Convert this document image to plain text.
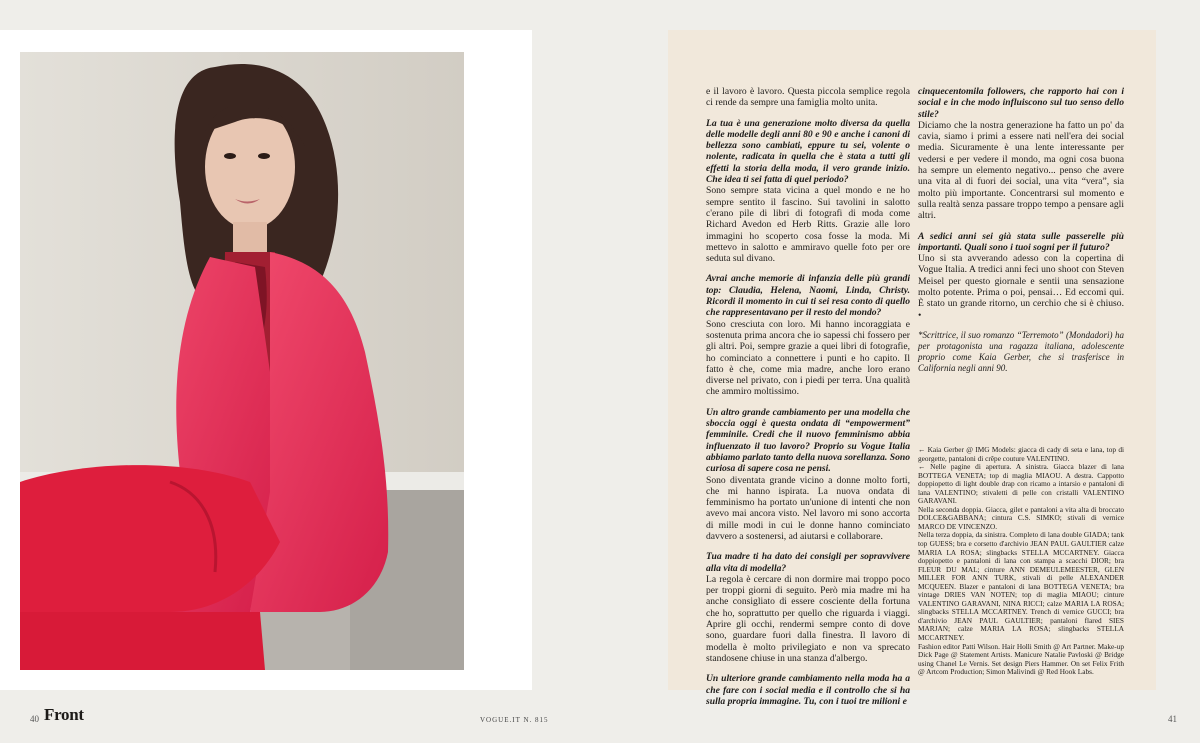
e il lavoro è lavoro. Questa piccola semplice regola ci rende da sempre una famiglia molto unita.

La tua è una generazione molto diversa da quella delle modelle degli anni 80 e 90 e anche i canoni di bellezza sono cambiati, eppure tu sei, volente o nolente, radicata in quella che è stata a tutti gli effetti la storia della moda, il vero grande inizio. Che idea ti sei fatta di quel periodo?

Sono sempre stata vicina a quel mondo e ne ho sempre sentito il fascino. Sui tavolini in salotto c'erano pile di libri di fotografi di moda come Richard Avedon ed Herb Ritts. Grazie alle loro immagini ho scoperto cosa fosse la moda. Mi mettevo in salotto e ammiravo quelle foto per ore seduta sul divano.

Avrai anche memorie di infanzia delle più grandi top: Claudia, Helena, Naomi, Linda, Christy. Ricordi il momento in cui ti sei resa conto di quello che rappresentavano per il resto del mondo?

Sono cresciuta con loro. Mi hanno incoraggiata e sostenuta prima ancora che io sapessi chi fossero per gli altri. Poi, sempre grazie a quei libri di fotografie, ho cominciato a connettere i punti e ho capito. Il fatto è che, come mia madre, anche loro erano diverse nel privato, con i piedi per terra. Una qualità che ammiro moltissimo.

Un altro grande cambiamento per una modella che sboccia oggi è questa ondata di “empowerment” femminile. Credi che il nuovo femminismo abbia influenzato il tuo lavoro? Proprio su Vogue Italia abbiamo parlato tanto della nuova sorellanza. Sono curiosa di sapere cosa ne pensi.

Sono diventata grande vicino a donne molto forti, che mi hanno ispirata. La nuova ondata di femminismo ha portato un'unione di intenti che non avevo mai ancora visto. Nel lavoro mi sono accorta di mille modi in cui le donne hanno cominciato davvero a sostenersi, ad aiutarsi e collaborare.

Tua madre ti ha dato dei consigli per sopravvivere alla vita di modella?

La regola è cercare di non dormire mai troppo poco per troppi giorni di seguito. Però mia madre mi ha anche consigliato di essere cosciente della fortuna che ho, soprattutto per quello che riguarda i viaggi. Aprire gli occhi, rendermi sempre conto di dove sono, guardare fuori dalla finestra. Il lavoro di modella è molto privilegiato e non va sprecato standosene chiuse in una stanza d'albergo.

Un ulteriore grande cambiamento nella moda ha a che fare con i social media e il controllo che si ha sulla propria immagine. Tu, con i tuoi tre milioni e

cinquecentomila followers, che rapporto hai con i social e in che modo influiscono sul tuo senso dello stile?

Diciamo che la nostra generazione ha fatto un po' da cavia, siamo i primi a essere nati nell'era dei social media. Sicuramente è una lente interessante per vedersi e per vedere il mondo, ma ogni cosa buona ha sempre un elemento negativo... penso che avere una vita al di fuori dei social, una vita “vera”, sia molto più importante. Concentrarsi sul momento e sulla realtà senza passare troppo tempo a pensare agli altri.

A sedici anni sei già stata sulle passerelle più importanti. Quali sono i tuoi sogni per il futuro?

Uno si sta avverando adesso con la copertina di Vogue Italia. A tredici anni feci uno shoot con Steven Meisel per questo giornale e sentii una sensazione molto potente. Prima o poi, pensai… Ed eccomi qui. È stato un grande ritorno, un cerchio che si è chiuso. •

*Scrittrice, il suo romanzo “Terremoto” (Mondadori) ha per protagonista una ragazza italiana, adolescente proprio come Kaia Gerber, che si trasferisce in California negli anni 90.

← Kaia Gerber @ IMG Models: giacca di cady di seta e lana, top di georgette, pantaloni di crêpe couture VALENTINO.

← Nelle pagine di apertura. A sinistra. Giacca blazer di lana BOTTEGA VENETA; top di maglia MIAOU. A destra. Cappotto doppiopetto di light double drap con ricamo a intarsio e pantaloni di lana VALENTINO; stivaletti di pelle con cristalli VALENTINO GARAVANI.

Nella seconda doppia. Giacca, gilet e pantaloni a vita alta di broccato DOLCE&GABBANA; cintura C.S. SIMKO; stivali di vernice MARCO DE VINCENZO.

Nella terza doppia, da sinistra. Completo di lana double GIADA; tank top GUESS; bra e corsetto d'archivio JEAN PAUL GAULTIER calze MARIA LA ROSA; slingbacks STELLA MCCARTNEY. Giacca doppiopetto e pantaloni di lana con stampa a scacchi DIOR; bra FLEUR DU MAL; cinture ANN DEMEULEMEESTER, GLEN MILLER FOR ANN TURK, stivali di pelle ALEXANDER MCQUEEN. Blazer e pantaloni di lana BOTTEGA VENETA; bra vintage DRIES VAN NOTEN; top di maglia MIAOU; cinture VALENTINO GARAVANI, NINA RICCI; calze MARIA LA ROSA; slingbacks STELLA MCCARTNEY. Trench di vernice GUCCI; bra d'archivio JEAN PAUL GAULTIER; pantaloni flared SIES MARJAN; calze MARIA LA ROSA; slingbacks STELLA MCCARTNEY.

Fashion editor Patti Wilson. Hair Holli Smith @ Art Partner. Make-up Dick Page @ Statement Artists. Manicure Natalie Pavloski @ Bridge using Chanel Le Vernis. Set design Piers Hammer. On set Felix Frith @ Artcom Production; Simon Malivindi @ Red Hook Labs.

40 Front	VOGUE.IT N. 815	41
